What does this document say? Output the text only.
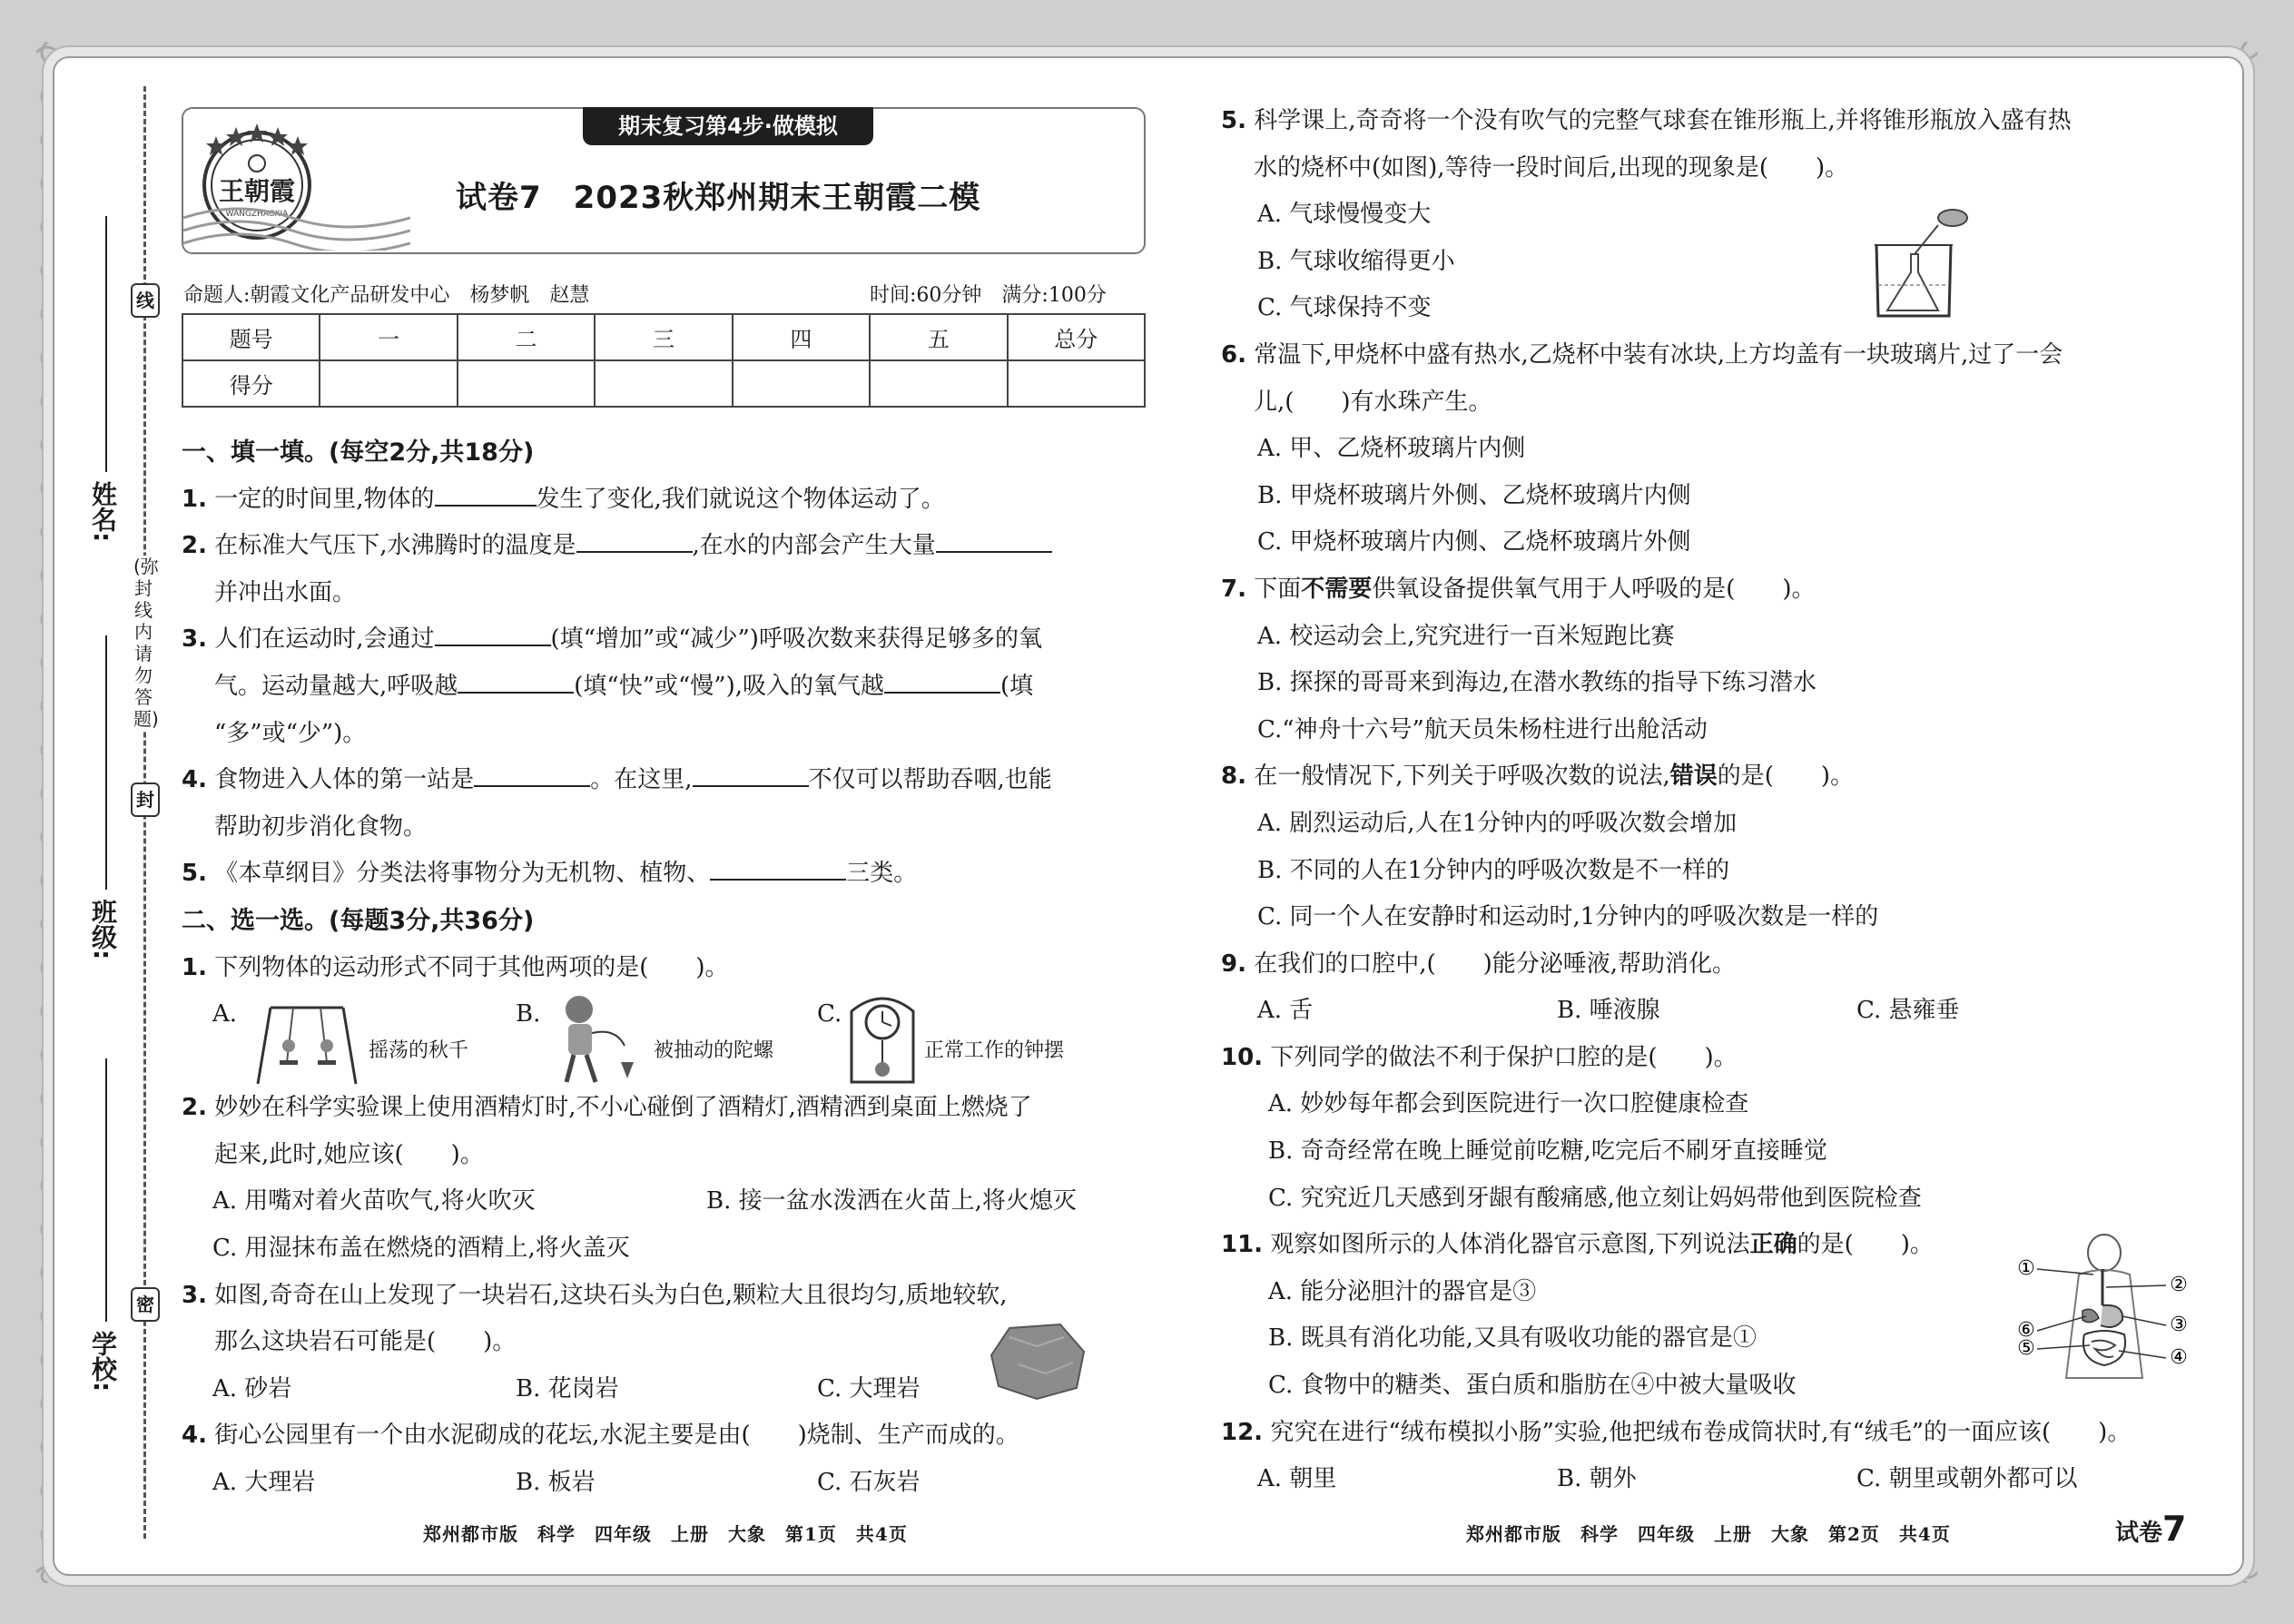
线
封
密
(弥封线内请勿答题)
姓名:
班级:
学校:
期末复习第4步·做模拟
王朝霞
WANGZHAOXIA	试卷7　2023秋郑州期末王朝霞二模
命题人:朝霞文化产品研发中心　杨梦帆　赵慧	时间:60分钟　满分:100分
题号	一	二	三	四	五	总分
得分						
一、填一填。(每空2分,共18分)
1. 一定的时间里,物体的	发生了变化,我们就说这个物体运动了。
2. 在标准大气压下,水沸腾时的温度是	,在水的内部会产生大量
并冲出水面。
3. 人们在运动时,会通过	(填“增加”或“减少”)呼吸次数来获得足够多的氧
气。运动量越大,呼吸越	(填“快”或“慢”),吸入的氧气越	(填
“多”或“少”)。
4. 食物进入人体的第一站是	。在这里,	不仅可以帮助吞咽,也能
帮助初步消化食物。
5. 《本草纲目》分类法将事物分为无机物、植物、	三类。
二、选一选。(每题3分,共36分)
1. 下列物体的运动形式不同于其他两项的是(　　)。
A.
摇荡的秋千
B.
被抽动的陀螺
C.
正常工作的钟摆
2. 妙妙在科学实验课上使用酒精灯时,不小心碰倒了酒精灯,酒精洒到桌面上燃烧了
起来,此时,她应该(　　)。
A. 用嘴对着火苗吹气,将火吹灭	B. 接一盆水泼洒在火苗上,将火熄灭
C. 用湿抹布盖在燃烧的酒精上,将火盖灭
3. 如图,奇奇在山上发现了一块岩石,这块石头为白色,颗粒大且很均匀,质地较软,
那么这块岩石可能是(　　)。
A. 砂岩	B. 花岗岩	C. 大理岩
4. 街心公园里有一个由水泥砌成的花坛,水泥主要是由(　　)烧制、生产而成的。
A. 大理岩	B. 板岩	C. 石灰岩
5. 科学课上,奇奇将一个没有吹气的完整气球套在锥形瓶上,并将锥形瓶放入盛有热
水的烧杯中(如图),等待一段时间后,出现的现象是(　　)。
A. 气球慢慢变大
B. 气球收缩得更小
C. 气球保持不变
6. 常温下,甲烧杯中盛有热水,乙烧杯中装有冰块,上方均盖有一块玻璃片,过了一会
儿,(　　)有水珠产生。
A. 甲、乙烧杯玻璃片内侧
B. 甲烧杯玻璃片外侧、乙烧杯玻璃片内侧
C. 甲烧杯玻璃片内侧、乙烧杯玻璃片外侧
7. 下面不需要供氧设备提供氧气用于人呼吸的是(　　)。
A. 校运动会上,究究进行一百米短跑比赛
B. 探探的哥哥来到海边,在潜水教练的指导下练习潜水
C.“神舟十六号”航天员朱杨柱进行出舱活动
8. 在一般情况下,下列关于呼吸次数的说法,错误的是(　　)。
A. 剧烈运动后,人在1分钟内的呼吸次数会增加
B. 不同的人在1分钟内的呼吸次数是不一样的
C. 同一个人在安静时和运动时,1分钟内的呼吸次数是一样的
9. 在我们的口腔中,(　　)能分泌唾液,帮助消化。
A. 舌	B. 唾液腺	C. 悬雍垂
10. 下列同学的做法不利于保护口腔的是(　　)。
A. 妙妙每年都会到医院进行一次口腔健康检查
B. 奇奇经常在晚上睡觉前吃糖,吃完后不刷牙直接睡觉
C. 究究近几天感到牙龈有酸痛感,他立刻让妈妈带他到医院检查
11. 观察如图所示的人体消化器官示意图,下列说法正确的是(　　)。
A. 能分泌胆汁的器官是③
B. 既具有消化功能,又具有吸收功能的器官是①
C. 食物中的糖类、蛋白质和脂肪在④中被大量吸收
①
②
③
④
⑤
⑥
12. 究究在进行“绒布模拟小肠”实验,他把绒布卷成筒状时,有“绒毛”的一面应该(　　)。
A. 朝里	B. 朝外	C. 朝里或朝外都可以
郑州都市版　科学　四年级　上册　大象　第1页　共4页	郑州都市版　科学　四年级　上册　大象　第2页　共4页	试卷7
